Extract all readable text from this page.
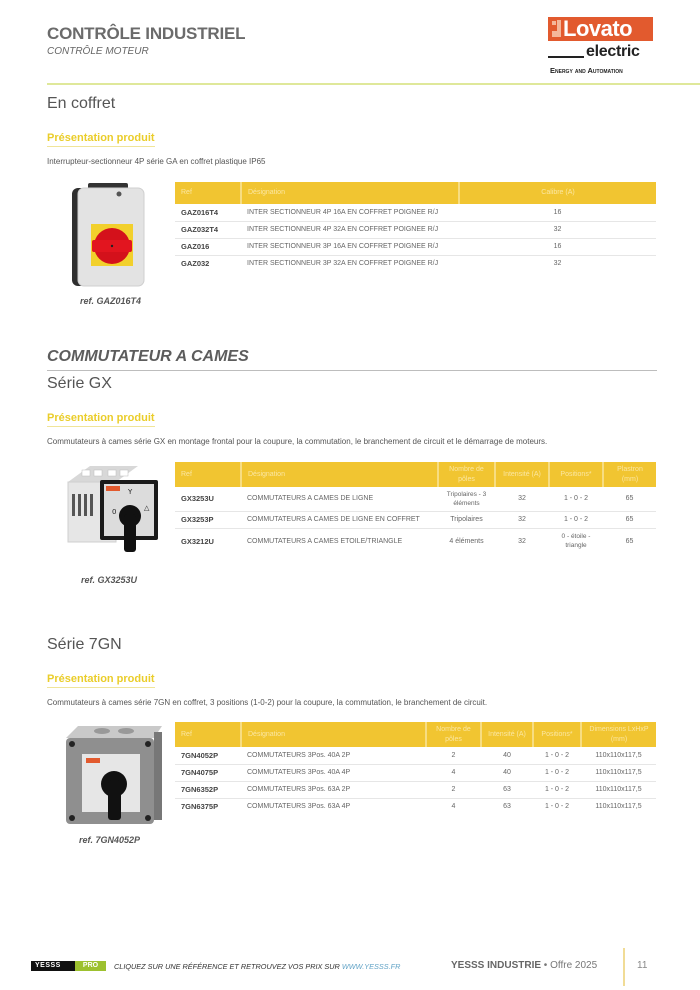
CONTRÔLE INDUSTRIEL
CONTRÔLE MOTEUR
Lovato
electric
Energy and Automation
En coffret
Présentation produit
Interrupteur-sectionneur 4P série GA en coffret plastique IP65
ref. GAZ016T4
Ref	Désignation	Calibre (A)
GAZ016T4	INTER SECTIONNEUR 4P 16A EN COFFRET POIGNEE R/J	16
GAZ032T4	INTER SECTIONNEUR 4P 32A EN COFFRET POIGNEE R/J	32
GAZ016	INTER SECTIONNEUR 3P 16A EN COFFRET POIGNEE R/J	16
GAZ032	INTER SECTIONNEUR 3P 32A EN COFFRET POIGNEE R/J	32
COMMUTATEUR A CAMES
Série GX
Présentation produit
Commutateurs à cames série GX en montage frontal pour la coupure, la commutation, le branchement de circuit et le démarrage de moteurs.
0
Y
△
ref. GX3253U
Ref	Désignation	Nombre de pôles	Intensité (A)	Positions*	Plastron (mm)
GX3253U	COMMUTATEURS A CAMES DE LIGNE	Tripolaires - 3 éléments	32	1 - 0 - 2	65
GX3253P	COMMUTATEURS A CAMES DE LIGNE EN COFFRET	Tripolaires	32	1 - 0 - 2	65
GX3212U	COMMUTATEURS A CAMES ETOILE/TRIANGLE	4 éléments	32	0 - étoile - triangle	65
Série 7GN
Présentation produit
Commutateurs à cames série 7GN en coffret, 3 positions (1-0-2) pour la coupure, la commutation, le branchement de circuit.
ref. 7GN4052P
Ref	Désignation	Nombre de pôles	Intensité (A)	Positions*	Dimensions LxHxP (mm)
7GN4052P	COMMUTATEURS 3Pos. 40A 2P	2	40	1 - 0 - 2	110x110x117,5
7GN4075P	COMMUTATEURS 3Pos. 40A 4P	4	40	1 - 0 - 2	110x110x117,5
7GN6352P	COMMUTATEURS 3Pos. 63A 2P	2	63	1 - 0 - 2	110x110x117,5
7GN6375P	COMMUTATEURS 3Pos. 63A 4P	4	63	1 - 0 - 2	110x110x117,5
YESSS	PRO	CLIQUEZ SUR UNE RÉFÉRENCE ET RETROUVEZ VOS PRIX SUR WWW.YESSS.FR	YESSS INDUSTRIE • Offre 2025	11
